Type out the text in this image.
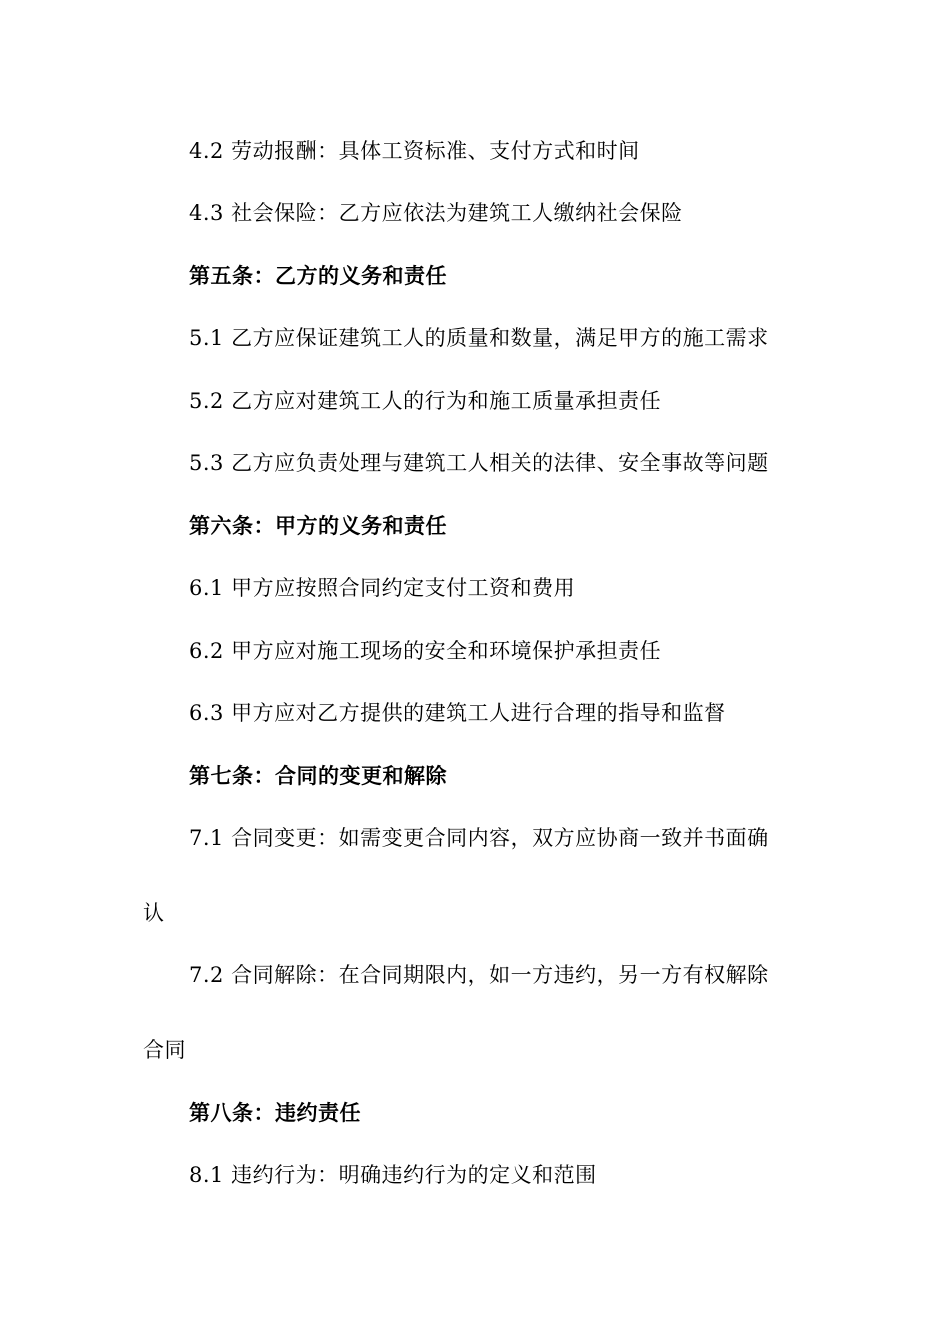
4.2 劳动报酬：具体工资标准、支付方式和时间
4.3 社会保险：乙方应依法为建筑工人缴纳社会保险
第五条：乙方的义务和责任
5.1 乙方应保证建筑工人的质量和数量，满足甲方的施工需求
5.2 乙方应对建筑工人的行为和施工质量承担责任
5.3 乙方应负责处理与建筑工人相关的法律、安全事故等问题
第六条：甲方的义务和责任
6.1 甲方应按照合同约定支付工资和费用
6.2 甲方应对施工现场的安全和环境保护承担责任
6.3 甲方应对乙方提供的建筑工人进行合理的指导和监督
第七条：合同的变更和解除
7.1 合同变更：如需变更合同内容，双方应协商一致并书面确
认
7.2 合同解除：在合同期限内，如一方违约，另一方有权解除
合同
第八条：违约责任
8.1 违约行为：明确违约行为的定义和范围
